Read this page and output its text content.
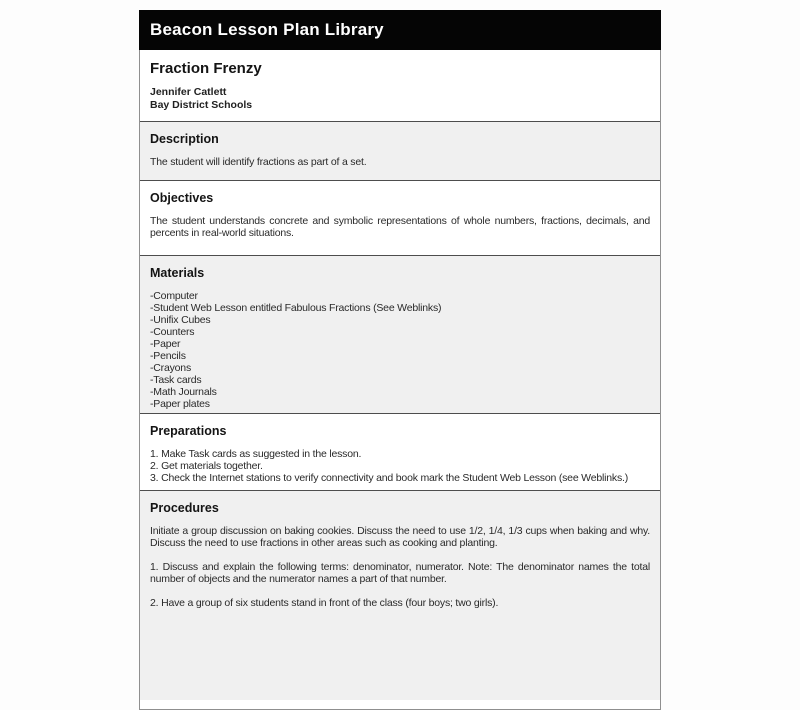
Beacon Lesson Plan Library
Fraction Frenzy
Jennifer Catlett
Bay District Schools
Description
The student will identify fractions as part of a set.
Objectives
The student understands concrete and symbolic representations of whole numbers, fractions, decimals, and percents in real-world situations.
Materials
-Computer
-Student Web Lesson entitled Fabulous Fractions (See Weblinks)
-Unifix Cubes
-Counters
-Paper
-Pencils
-Crayons
-Task cards
-Math Journals
-Paper plates
Preparations
1. Make Task cards as suggested in the lesson.
2. Get materials together.
3. Check the Internet stations to verify connectivity and book mark the Student Web Lesson (see Weblinks.)
Procedures

Initiate a group discussion on baking cookies. Discuss the need to use 1/2, 1/4, 1/3 cups when baking and why. Discuss the need to use fractions in other areas such as cooking and planting.

1. Discuss and explain the following terms: denominator, numerator. Note: The denominator names the total number of objects and the numerator names a part of that number.

2. Have a group of six students stand in front of the class (four boys; two girls).
